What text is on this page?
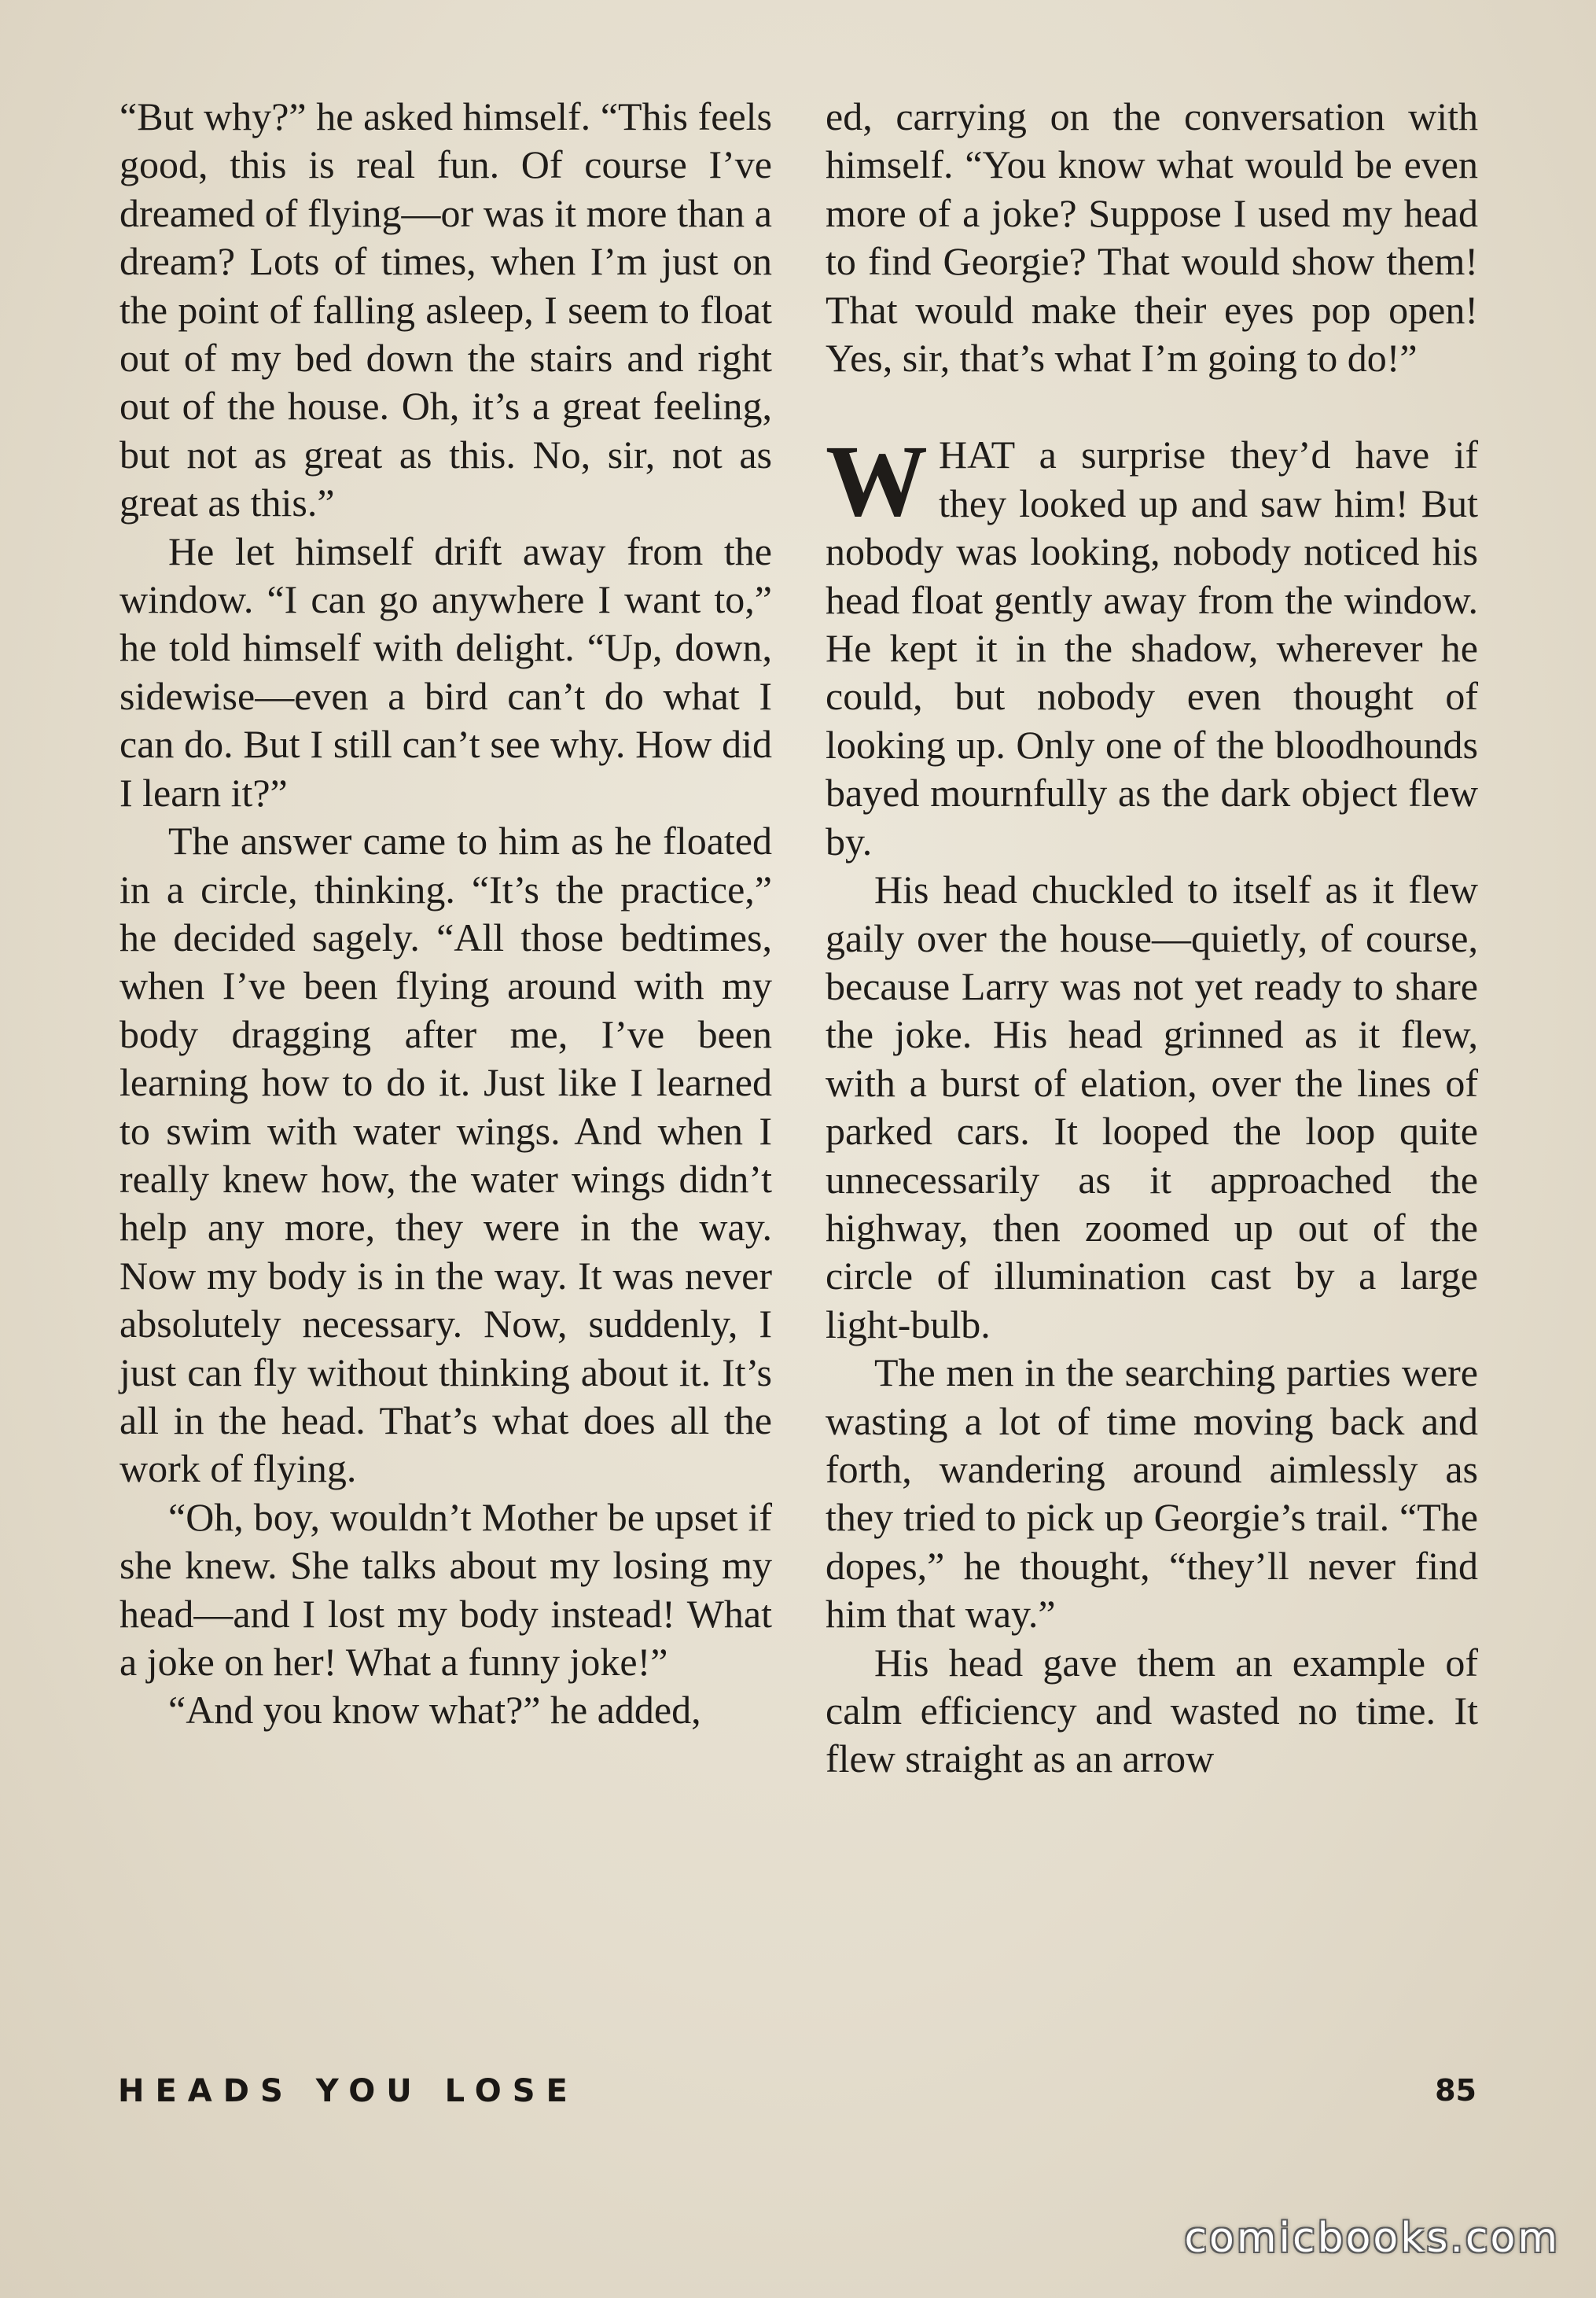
“But why?” he asked himself. “This feels good, this is real fun. Of course I’ve dreamed of flying—or was it more than a dream? Lots of times, when I’m just on the point of falling asleep, I seem to float out of my bed down the stairs and right out of the house. Oh, it’s a great feeling, but not as great as this. No, sir, not as great as this.”

He let himself drift away from the window. “I can go anywhere I want to,” he told himself with delight. “Up, down, sidewise—even a bird can’t do what I can do. But I still can’t see why. How did I learn it?”

The answer came to him as he floated in a circle, thinking. “It’s the practice,” he decided sagely. “All those bedtimes, when I’ve been flying around with my body dragging after me, I’ve been learning how to do it. Just like I learned to swim with water wings. And when I really knew how, the water wings didn’t help any more, they were in the way. Now my body is in the way. It was never absolutely necessary. Now, suddenly, I just can fly without thinking about it. It’s all in the head. That’s what does all the work of flying.

“Oh, boy, wouldn’t Mother be upset if she knew. She talks about my losing my head—and I lost my body instead! What a joke on her! What a funny joke!”

“And you know what?” he added,

ed, carrying on the conversation with himself. “You know what would be even more of a joke? Suppose I used my head to find Georgie? That would show them! That would make their eyes pop open! Yes, sir, that’s what I’m going to do!”

WHAT a surprise they’d have if they looked up and saw him! But nobody was looking, nobody noticed his head float gently away from the window. He kept it in the shadow, wherever he could, but nobody even thought of looking up. Only one of the bloodhounds bayed mournfully as the dark object flew by.

His head chuckled to itself as it flew gaily over the house—quietly, of course, because Larry was not yet ready to share the joke. His head grinned as it flew, with a burst of elation, over the lines of parked cars. It looped the loop quite unnecessarily as it approached the highway, then zoomed up out of the circle of illumination cast by a large light-bulb.

The men in the searching parties were wasting a lot of time moving back and forth, wandering around aimlessly as they tried to pick up Georgie’s trail. “The dopes,” he thought, “they’ll never find him that way.”

His head gave them an example of calm efficiency and wasted no time. It flew straight as an arrow

HEADS YOU LOSE	85
comicbooks.com
